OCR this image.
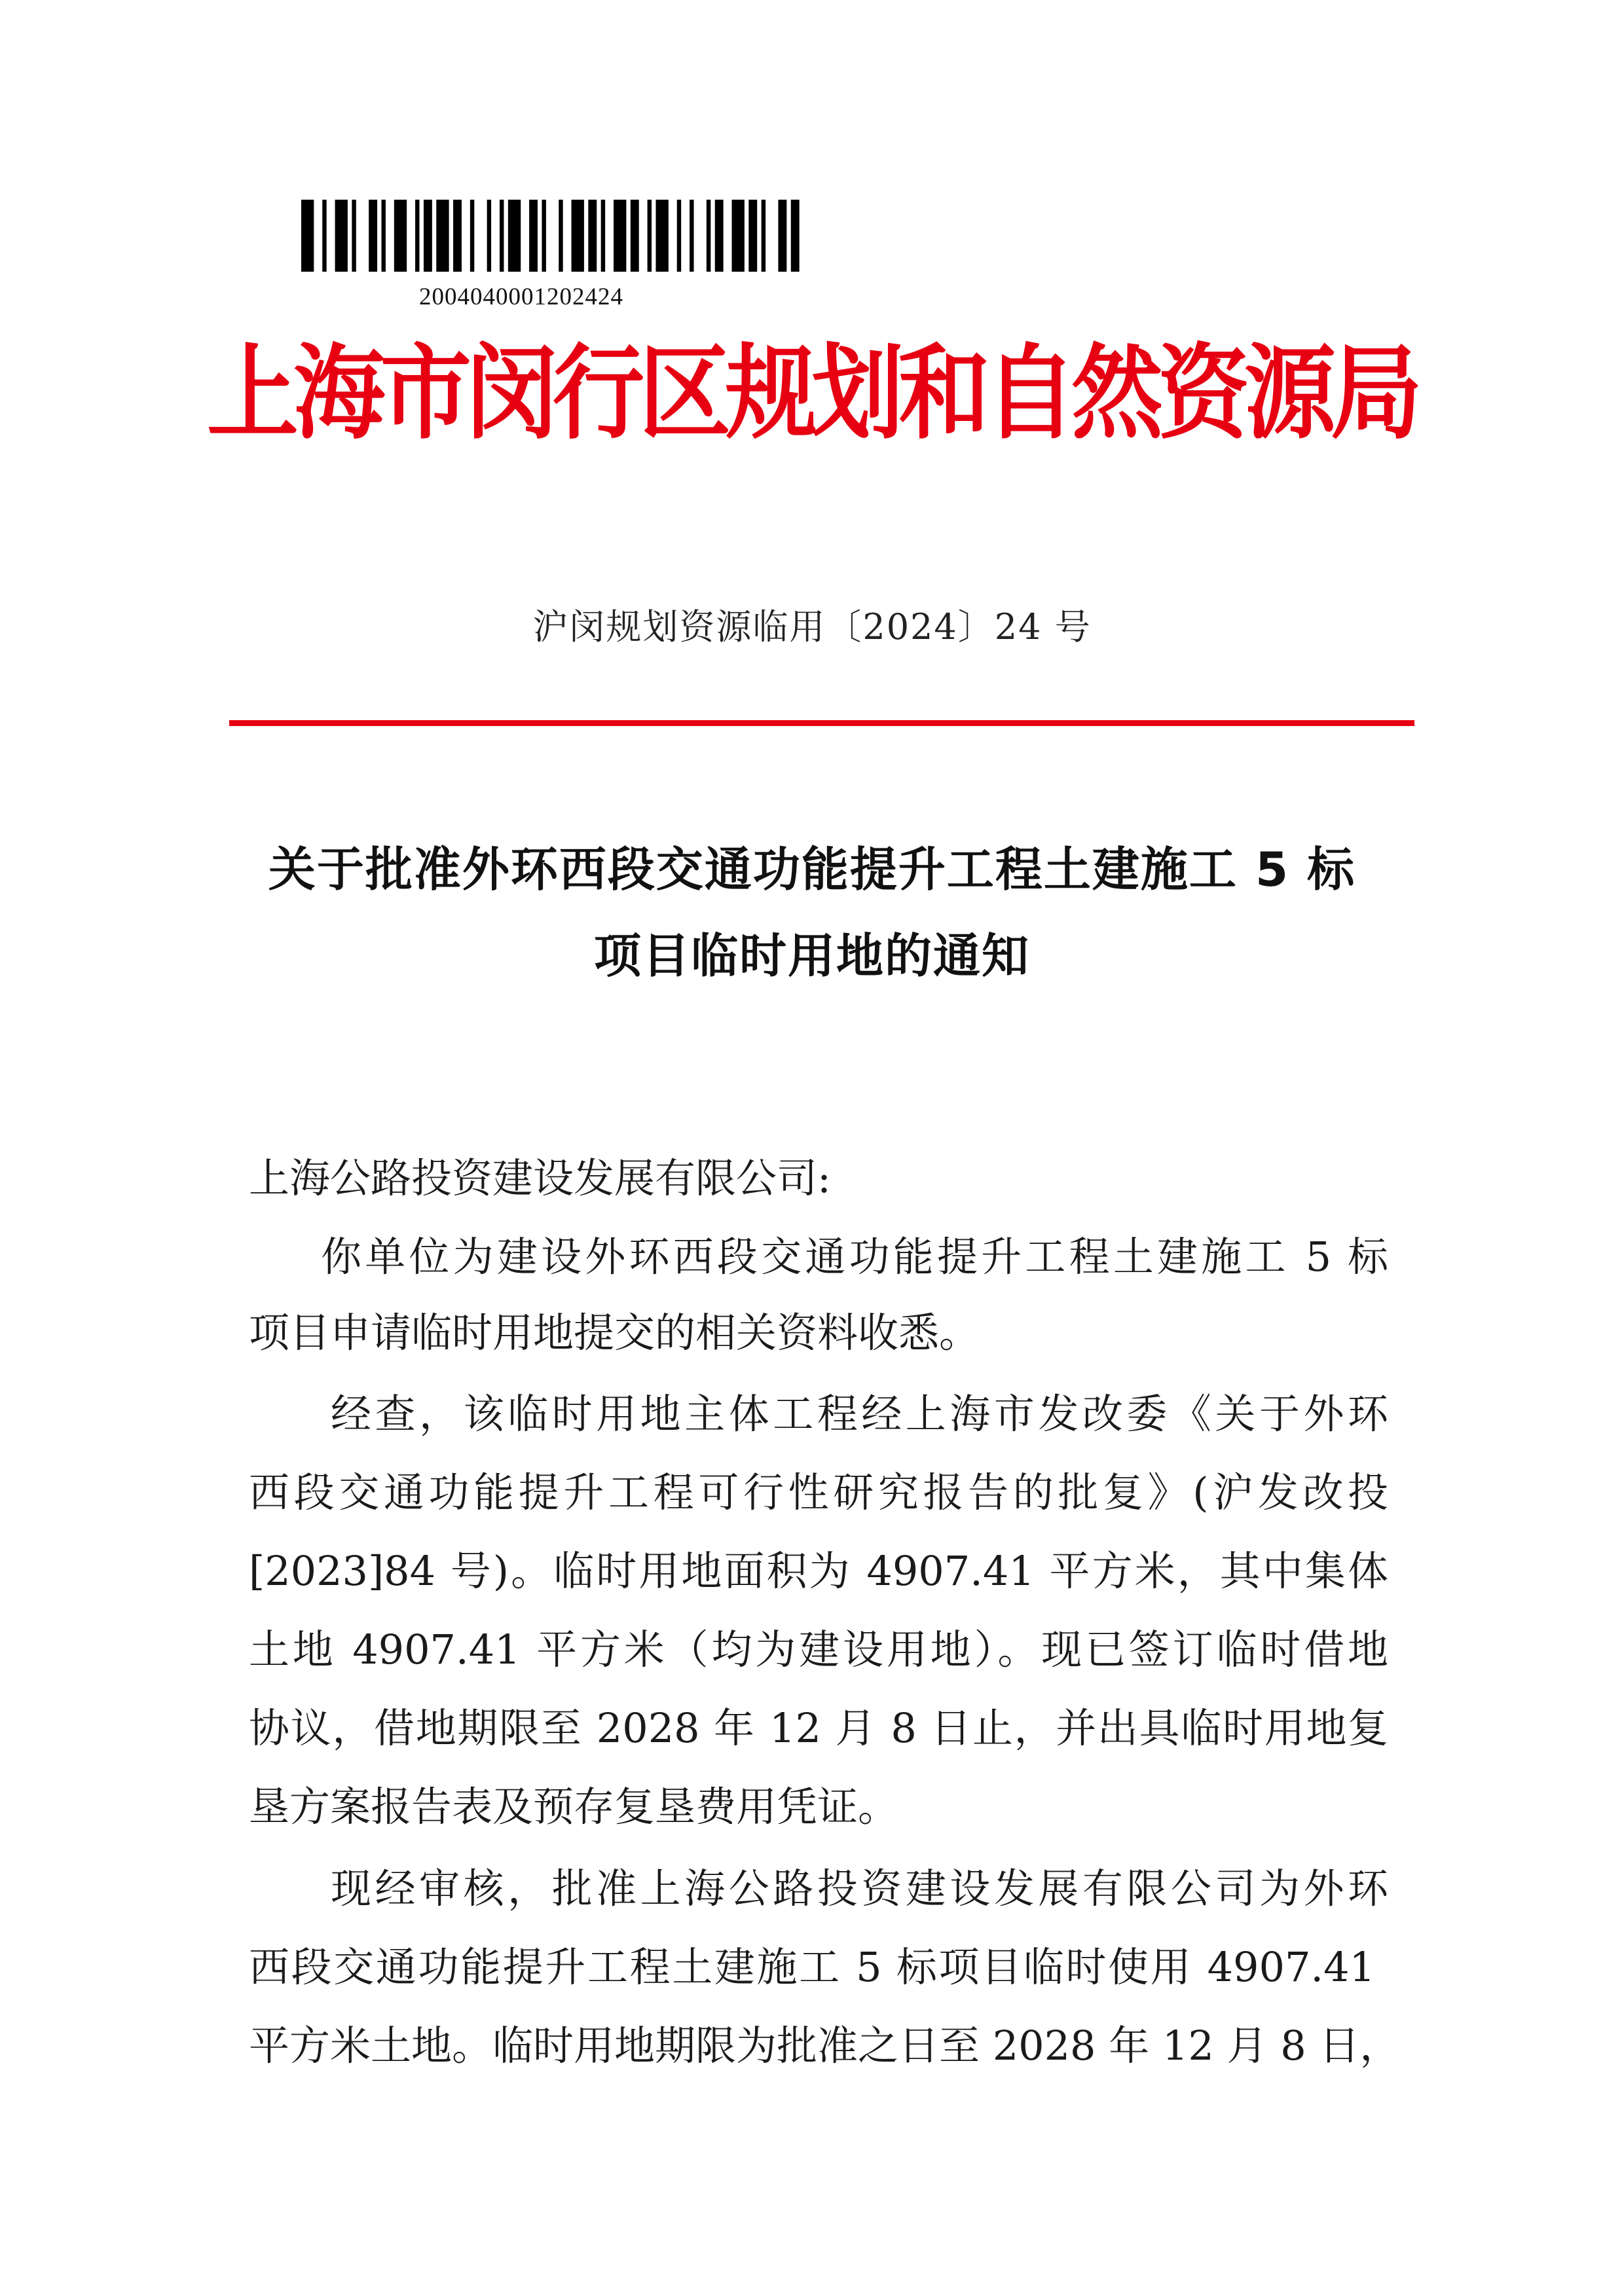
2004040001202424
上海市闵行区规划和自然资源局
沪闵规划资源临用〔2024〕24 号
关于批准外环西段交通功能提升工程土建施工 5 标
项目临时用地的通知
上海公路投资建设发展有限公司:
你单位为建设外环西段交通功能提升工程土建施工 5 标
项目申请临时用地提交的相关资料收悉。
经查，该临时用地主体工程经上海市发改委《关于外环
西段交通功能提升工程可行性研究报告的批复》(沪发改投
[2023]84 号)。临时用地面积为 4907.41 平方米，其中集体
土地 4907.41 平方米（均为建设用地）。现已签订临时借地
协议，借地期限至 2028 年 12 月 8 日止，并出具临时用地复
垦方案报告表及预存复垦费用凭证。
现经审核，批准上海公路投资建设发展有限公司为外环
西段交通功能提升工程土建施工 5 标项目临时使用 4907.41
平方米土地。临时用地期限为批准之日至 2028 年 12 月 8 日，
